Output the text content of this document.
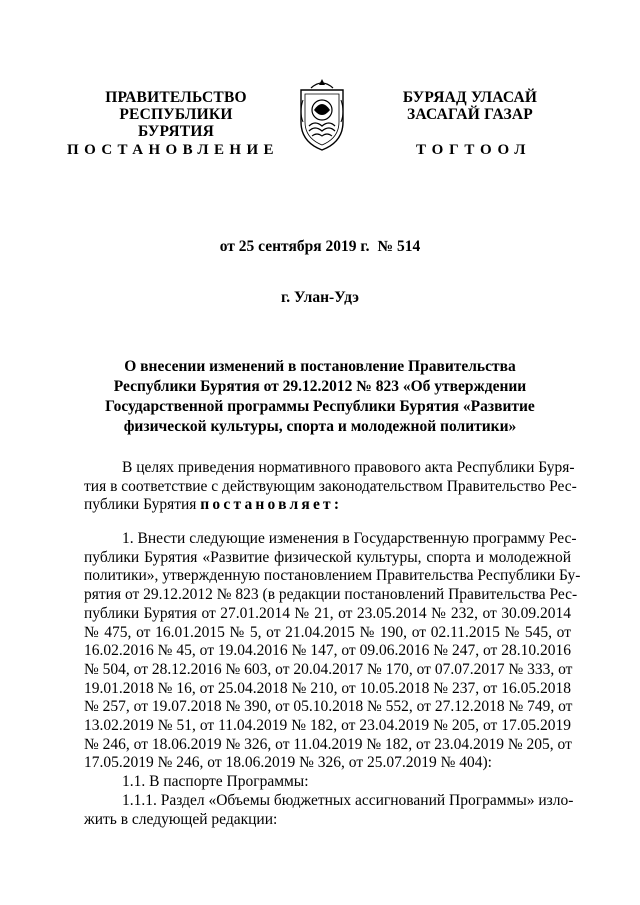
ПРАВИТЕЛЬСТВО
РЕСПУБЛИКИ БУРЯТИЯ
БУРЯАД УЛАСАЙ
ЗАСАГАЙ ГАЗАР
ПОСТАНОВЛЕНИЕ	ТОГТООЛ
от 25 сентября 2019 г. № 514
г. Улан-Удэ
О внесении изменений в постановление Правительства
Республики Бурятия от 29.12.2012 № 823 «Об утверждении
Государственной программы Республики Бурятия «Развитие
физической культуры, спорта и молодежной политики»
В целях приведения нормативного правового акта Республики Буря-
тия в соответствие с действующим законодательством Правительство Рес-
публики Бурятия постановляет:
1. Внести следующие изменения в Государственную программу Рес-
публики Бурятия «Развитие физической культуры, спорта и молодежной
политики», утвержденную постановлением Правительства Республики Бу-
рятия от 29.12.2012 № 823 (в редакции постановлений Правительства Рес-
публики Бурятия от 27.01.2014 № 21, от 23.05.2014 № 232, от 30.09.2014
№ 475, от 16.01.2015 № 5, от 21.04.2015 № 190, от 02.11.2015 № 545, от
16.02.2016 № 45, от 19.04.2016 № 147, от 09.06.2016 № 247, от 28.10.2016
№ 504, от 28.12.2016 № 603, от 20.04.2017 № 170, от 07.07.2017 № 333, от
19.01.2018 № 16, от 25.04.2018 № 210, от 10.05.2018 № 237, от 16.05.2018
№ 257, от 19.07.2018 № 390, от 05.10.2018 № 552, от 27.12.2018 № 749, от
13.02.2019 № 51, от 11.04.2019 № 182, от 23.04.2019 № 205, от 17.05.2019
№ 246, от 18.06.2019 № 326, от 11.04.2019 № 182, от 23.04.2019 № 205, от
17.05.2019 № 246, от 18.06.2019 № 326, от 25.07.2019 № 404):
1.1. В паспорте Программы:
1.1.1. Раздел «Объемы бюджетных ассигнований Программы» изло-
жить в следующей редакции:
